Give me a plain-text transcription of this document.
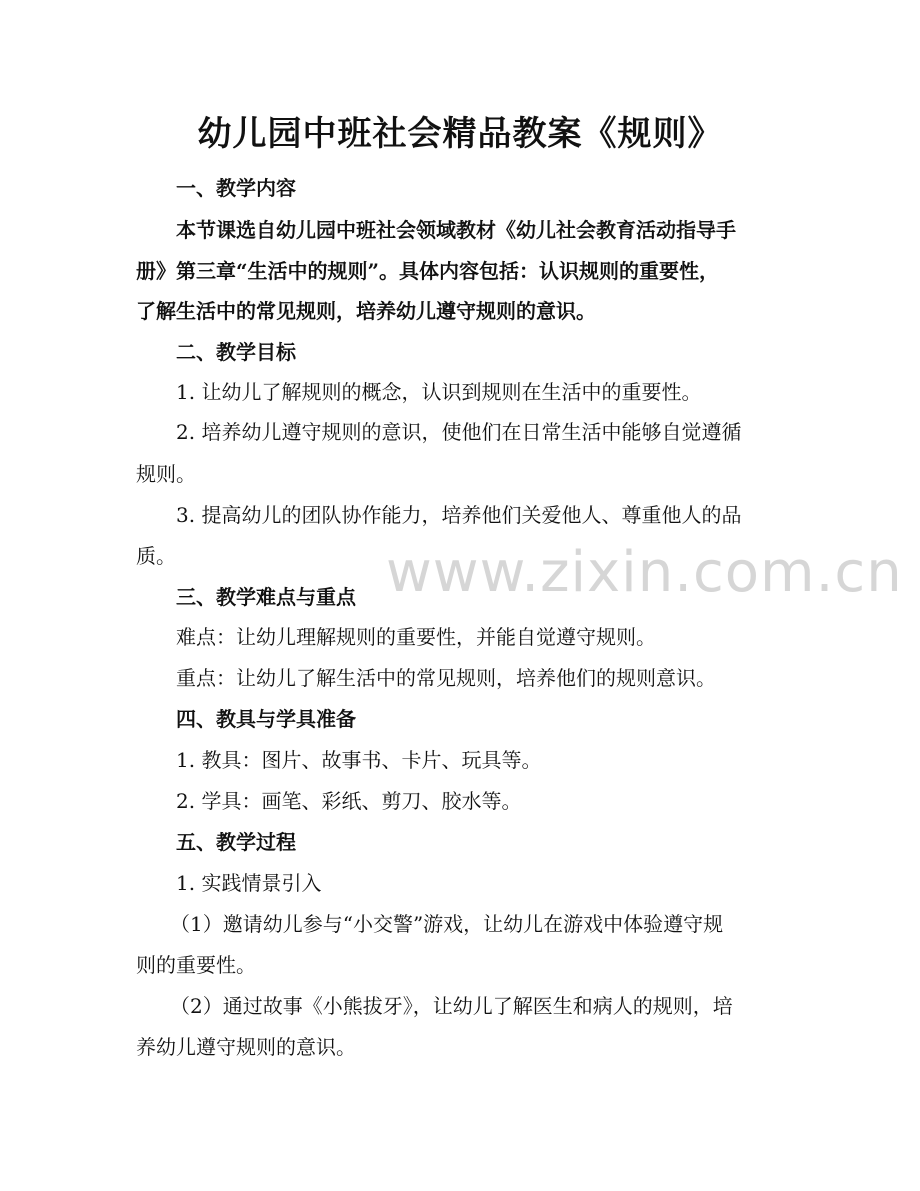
www.zixin.com.cn
幼儿园中班社会精品教案《规则》
一、教学内容
本节课选自幼儿园中班社会领域教材《幼儿社会教育活动指导手
册》第三章“生活中的规则”。具体内容包括：认识规则的重要性，
了解生活中的常见规则，培养幼儿遵守规则的意识。
二、教学目标
1. 让幼儿了解规则的概念，认识到规则在生活中的重要性。
2. 培养幼儿遵守规则的意识，使他们在日常生活中能够自觉遵循
规则。
3. 提高幼儿的团队协作能力，培养他们关爱他人、尊重他人的品
质。
三、教学难点与重点
难点：让幼儿理解规则的重要性，并能自觉遵守规则。
重点：让幼儿了解生活中的常见规则，培养他们的规则意识。
四、教具与学具准备
1. 教具：图片、故事书、卡片、玩具等。
2. 学具：画笔、彩纸、剪刀、胶水等。
五、教学过程
1. 实践情景引入
（1）邀请幼儿参与“小交警”游戏，让幼儿在游戏中体验遵守规
则的重要性。
（2）通过故事《小熊拔牙》，让幼儿了解医生和病人的规则，培
养幼儿遵守规则的意识。
